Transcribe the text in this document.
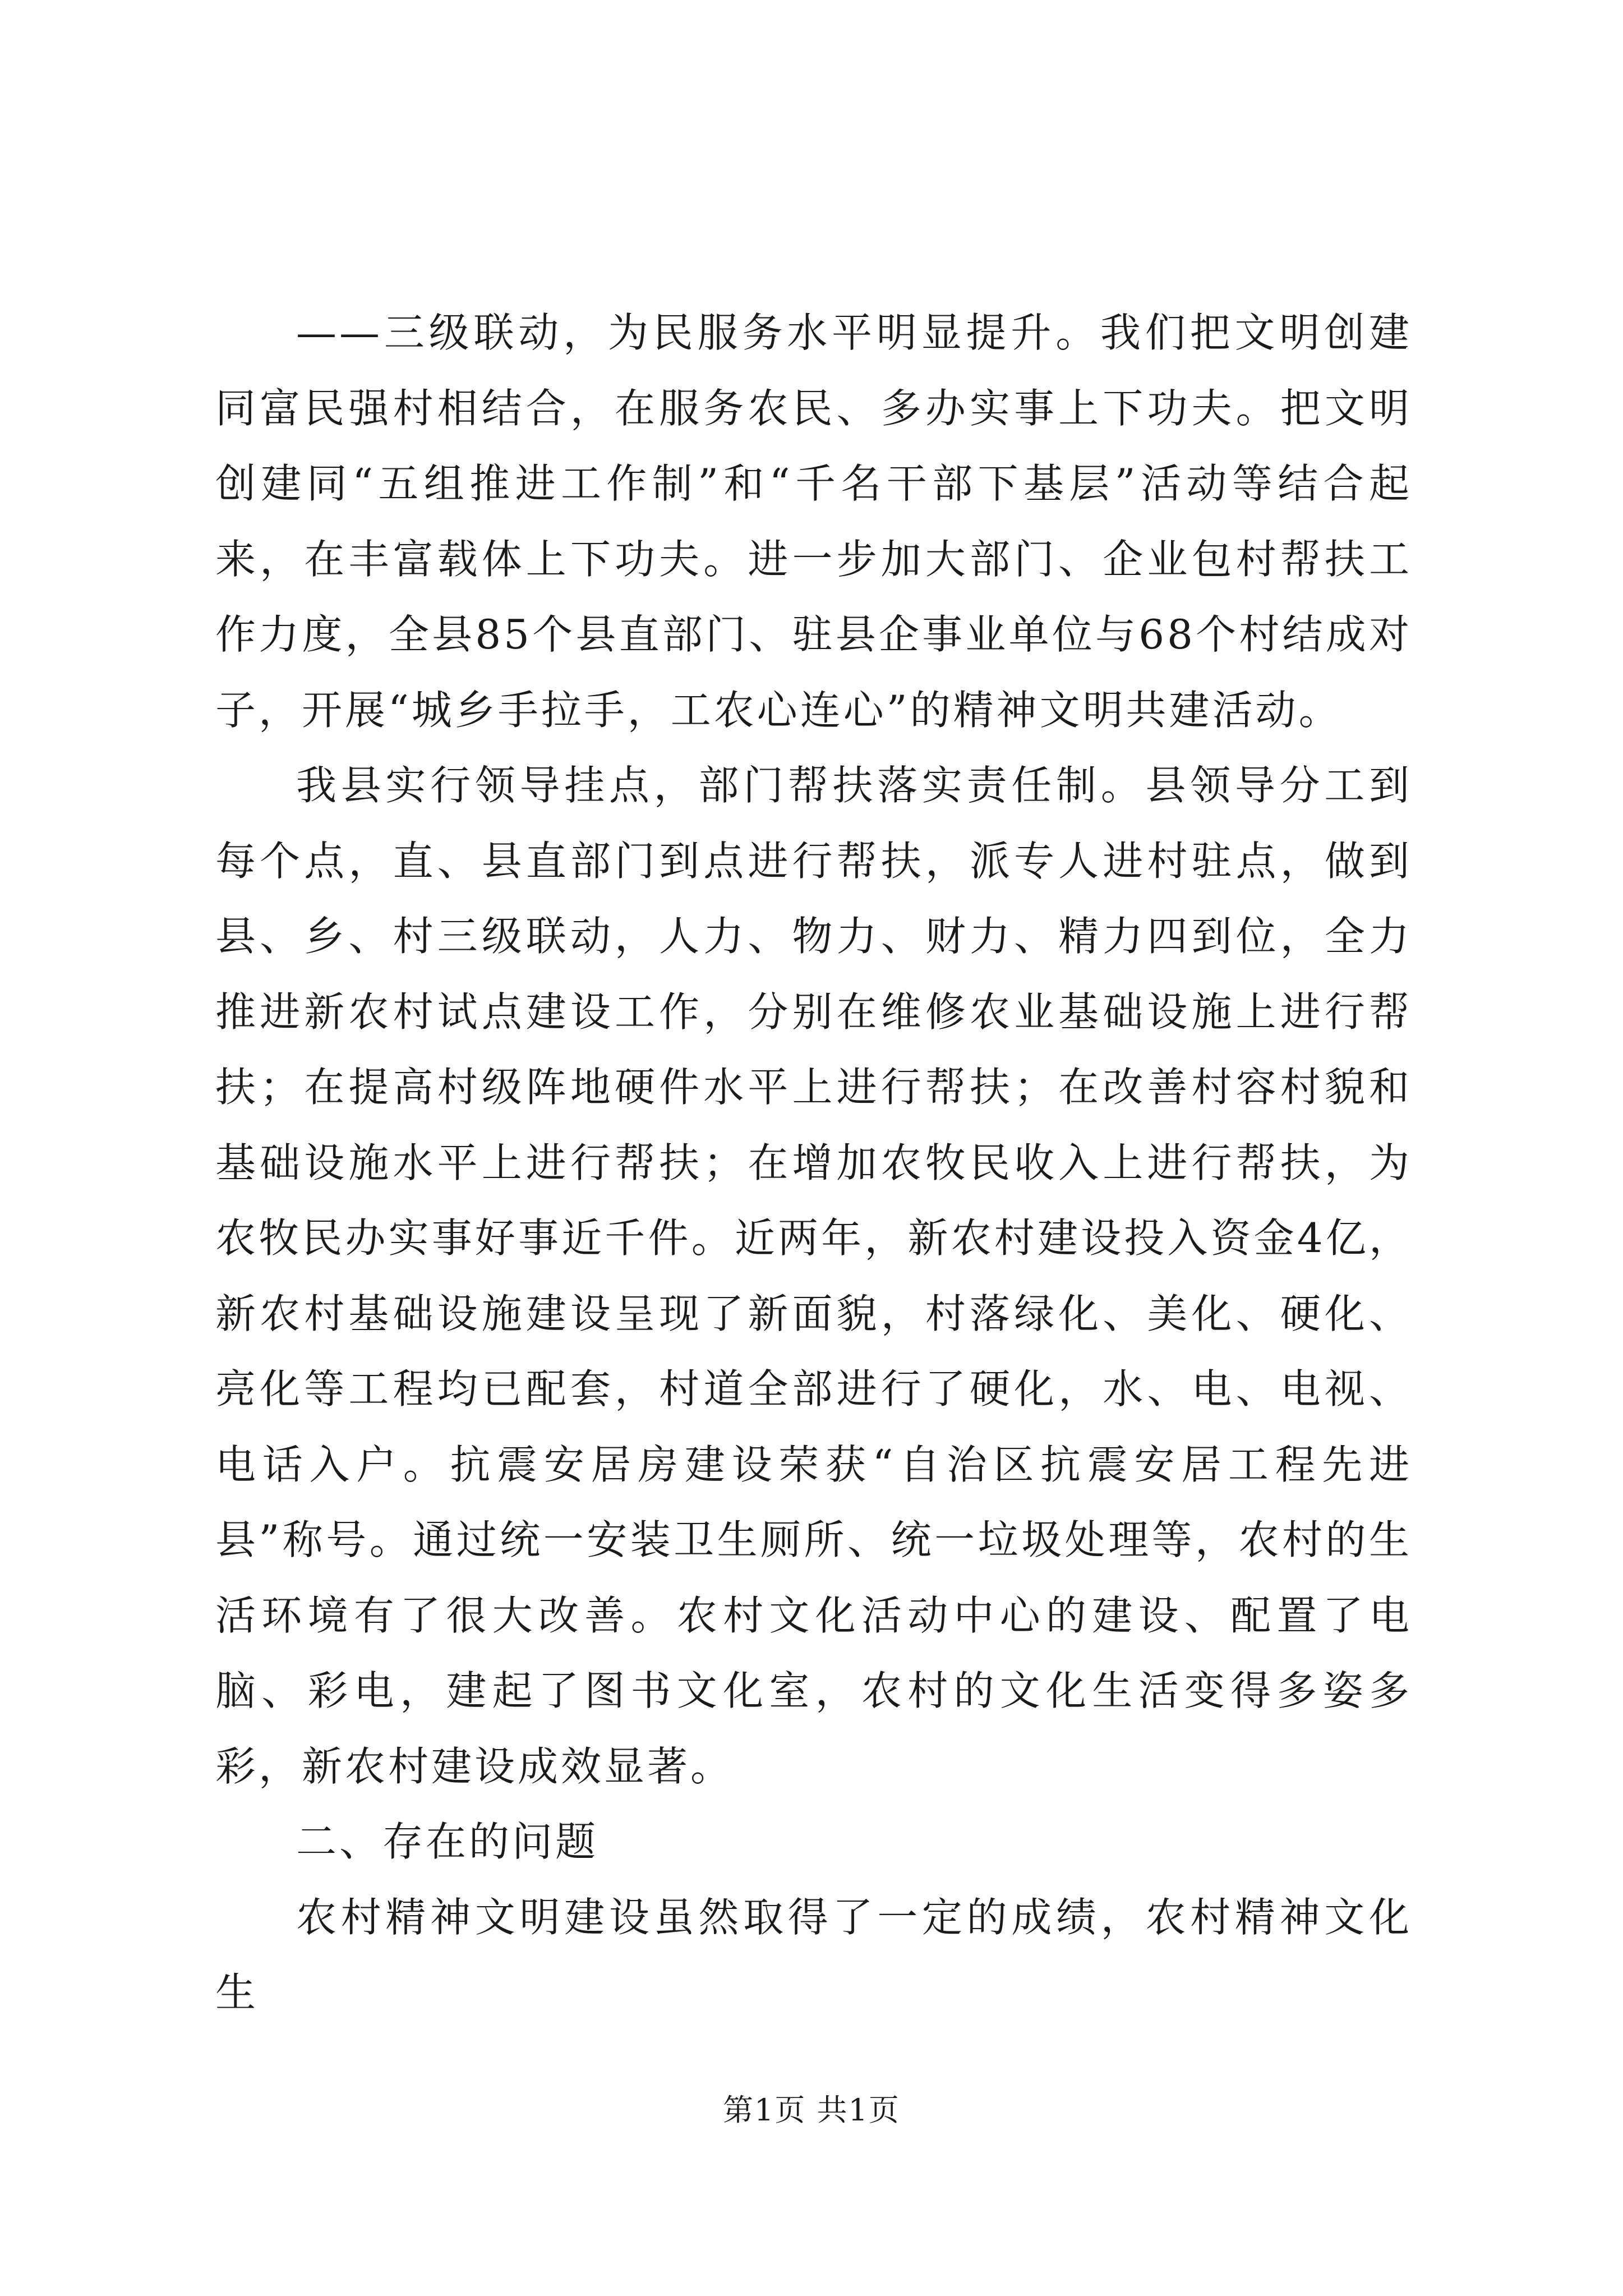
——三级联动，为民服务水平明显提升。我们把文明创建同富民强村相结合，在服务农民、多办实事上下功夫。把文明创建同“五组推进工作制”和“千名干部下基层”活动等结合起来，在丰富载体上下功夫。进一步加大部门、企业包村帮扶工作力度，全县85个县直部门、驻县企事业单位与68个村结成对子，开展“城乡手拉手，工农心连心”的精神文明共建活动。

我县实行领导挂点，部门帮扶落实责任制。县领导分工到每个点，直、县直部门到点进行帮扶，派专人进村驻点，做到县、乡、村三级联动，人力、物力、财力、精力四到位，全力推进新农村试点建设工作，分别在维修农业基础设施上进行帮扶；在提高村级阵地硬件水平上进行帮扶；在改善村容村貌和基础设施水平上进行帮扶；在增加农牧民收入上进行帮扶，为农牧民办实事好事近千件。近两年，新农村建设投入资金4亿，新农村基础设施建设呈现了新面貌，村落绿化、美化、硬化、亮化等工程均已配套，村道全部进行了硬化，水、电、电视、电话入户。抗震安居房建设荣获“自治区抗震安居工程先进县”称号。通过统一安装卫生厕所、统一垃圾处理等，农村的生活环境有了很大改善。农村文化活动中心的建设、配置了电脑、彩电，建起了图书文化室，农村的文化生活变得多姿多彩，新农村建设成效显著。

二、存在的问题

农村精神文明建设虽然取得了一定的成绩，农村精神文化生

第1页 共1页
